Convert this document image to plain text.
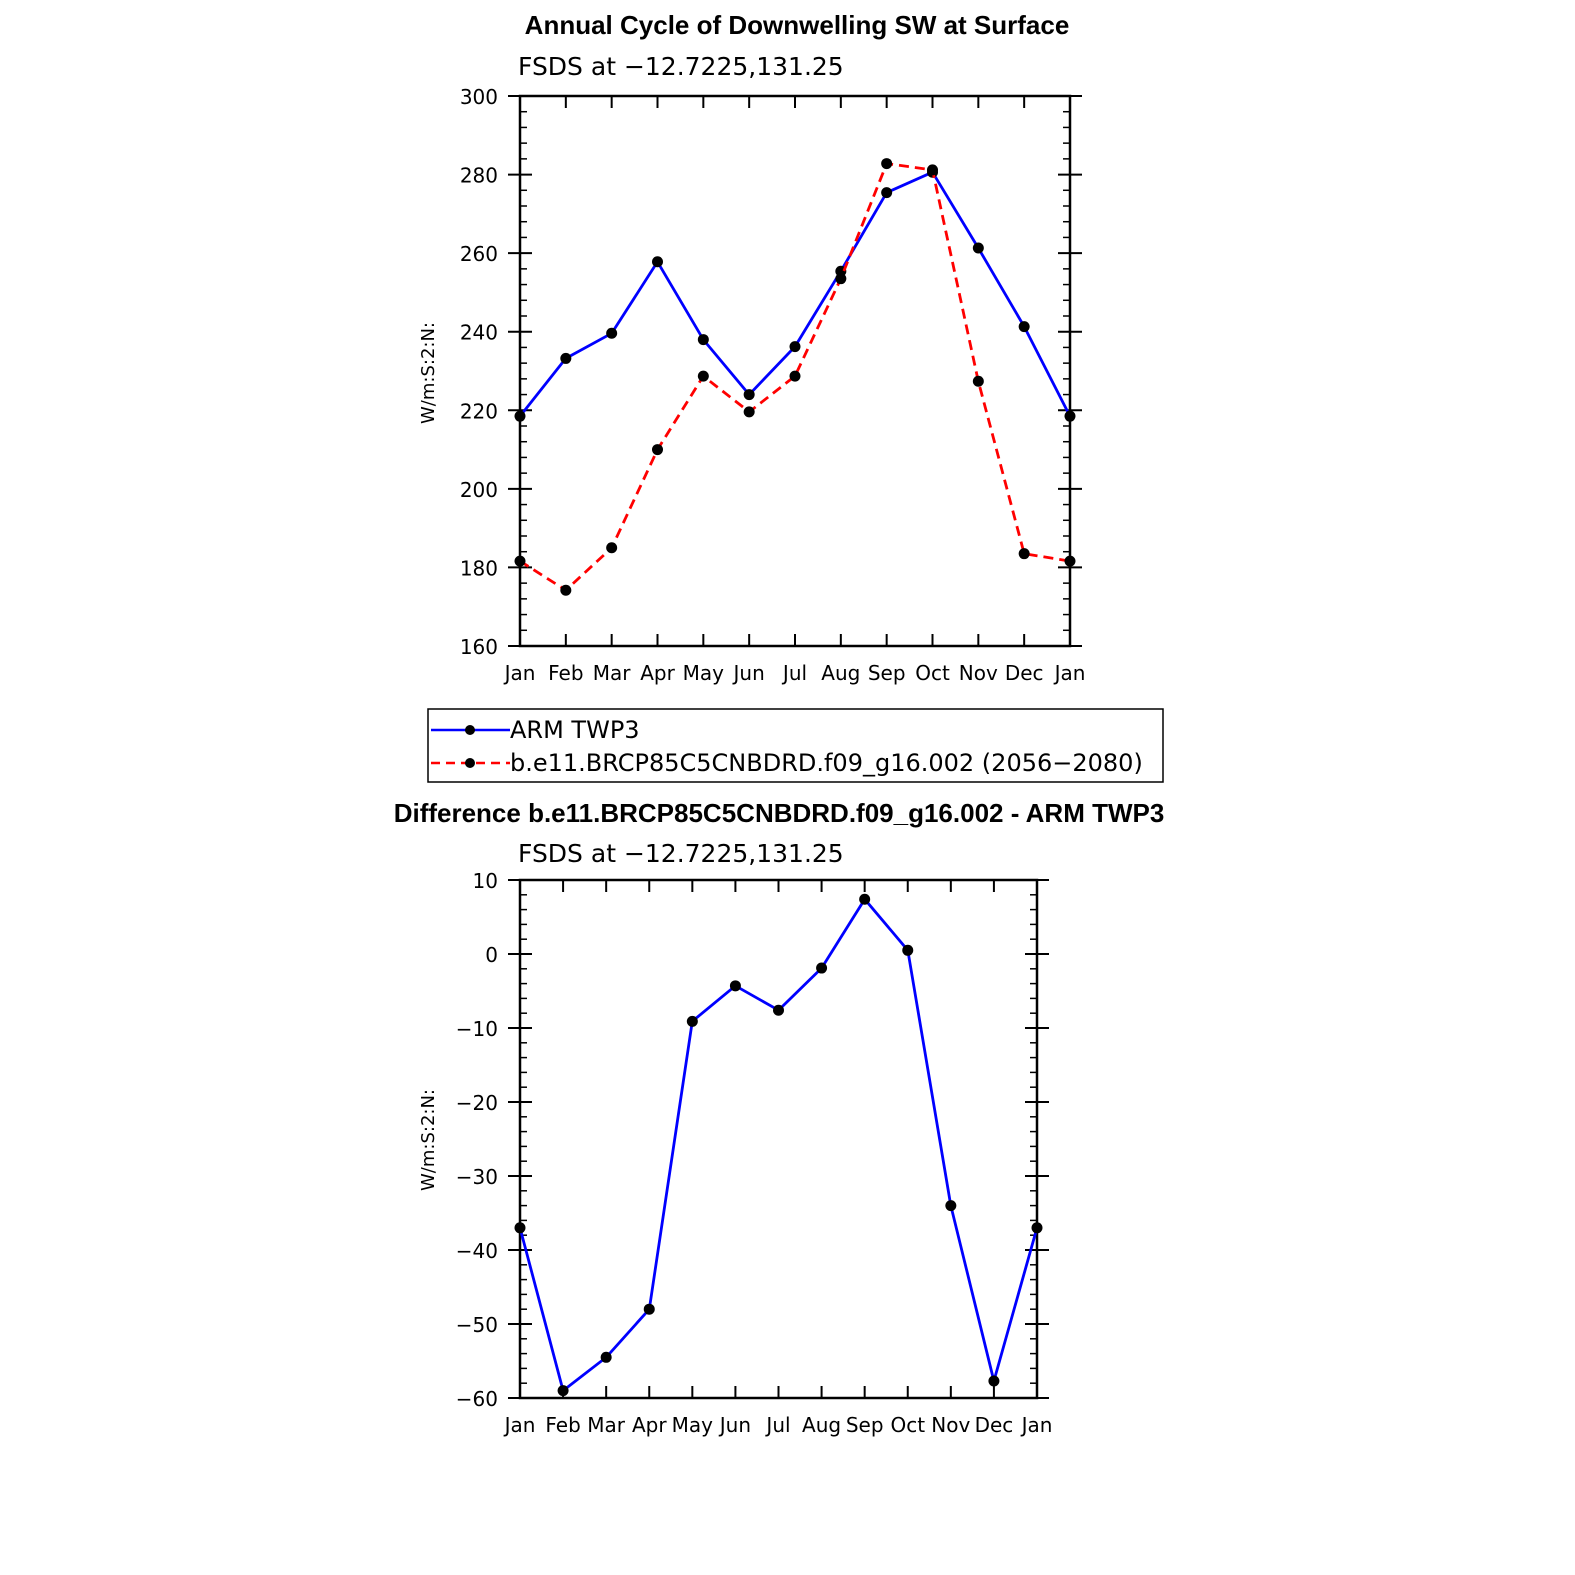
Annual Cycle of Downwelling SW at Surface
FSDS at −12.7225,131.25
W/m:S:2:N:
Jan Feb Mar Apr May Jun Jul Aug Sep Oct Nov Dec Jan
160
180
200
220
240
260
280
300
ARM TWP3
b.e11.BRCP85C5CNBDRD.f09_g16.002 (2056−2080)
Difference b.e11.BRCP85C5CNBDRD.f09_g16.002 - ARM TWP3
FSDS at −12.7225,131.25
W/m:S:2:N:
Jan Feb Mar Apr May Jun Jul Aug Sep Oct Nov Dec Jan
−60
−50
−40
−30
−20
−10
0
10
